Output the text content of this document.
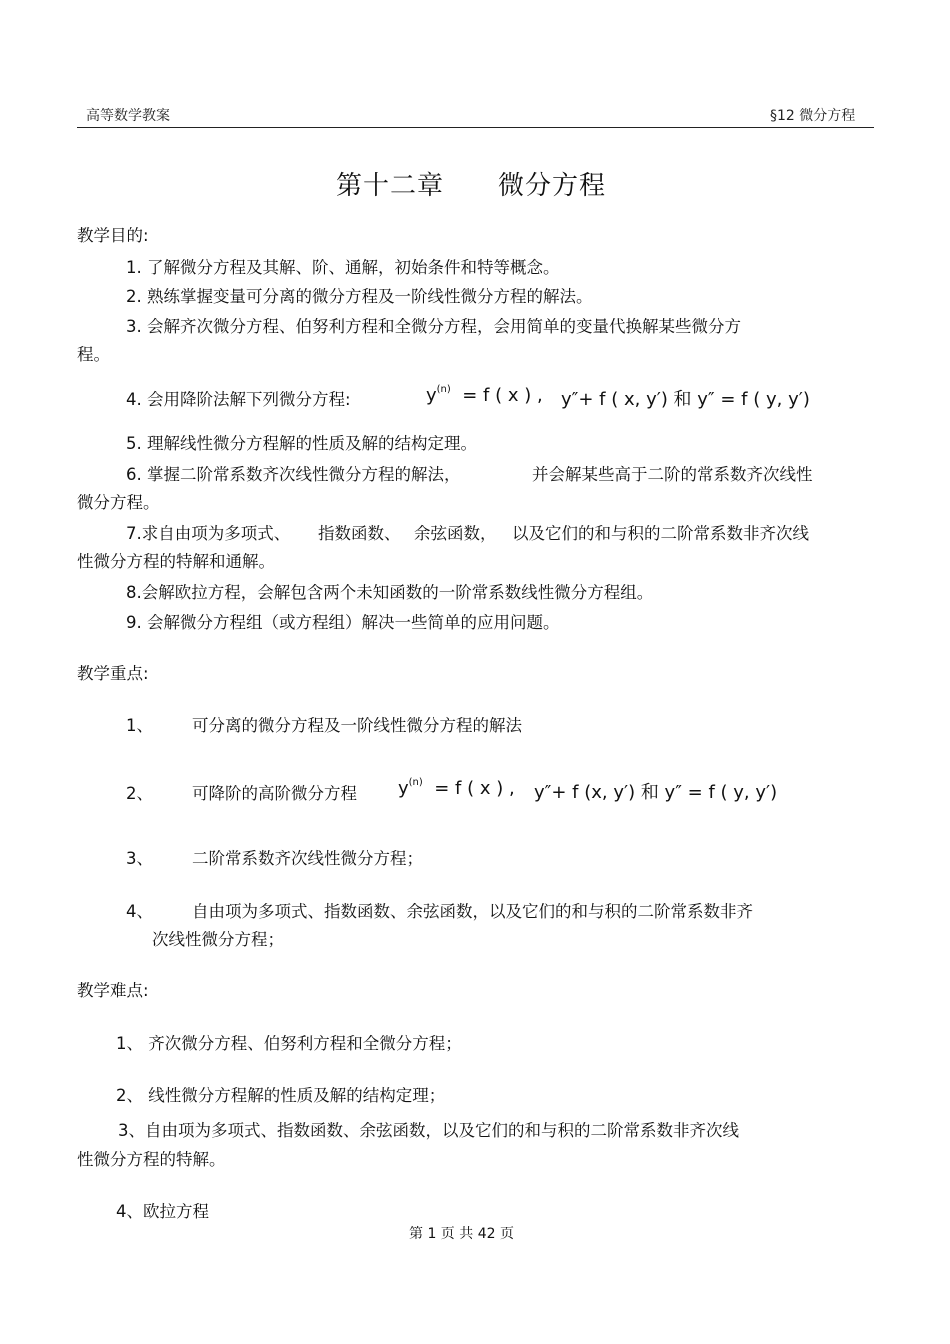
高等数学教案	§12 微分方程
第十二章 微分方程
教学目的:
1. 了解微分方程及其解、阶、通解，初始条件和特等概念。
2. 熟练掌握变量可分离的微分方程及一阶线性微分方程的解法。
3. 会解齐次微分方程、伯努利方程和全微分方程，会用简单的变量代换解某些微分方
程。
4. 会用降阶法解下列微分方程:	$y^{(n)} = f$ ( x ) , y″+ f ( x, y′) 和 y″ = f ( y, y′)
5. 理解线性微分方程解的性质及解的结构定理。
6. 掌握二阶常系数齐次线性微分方程的解法，	并会解某些高于二阶的常系数齐次线性
微分方程。
7.求自由项为多项式、 指数函数、 余弦函数， 以及它们的和与积的二阶常系数非齐次线
性微分方程的特解和通解。
8.会解欧拉方程，会解包含两个未知函数的一阶常系数线性微分方程组。
9. 会解微分方程组（或方程组）解决一些简单的应用问题。
教学重点:
1、 可分离的微分方程及一阶线性微分方程的解法
2、 可降阶的高阶微分方程 $y^{(n)} = f$ ( x ) , y″+ f (x, y′) 和 y″ = f ( y, y′)
3、 二阶常系数齐次线性微分方程；
4、 自由项为多项式、指数函数、余弦函数，以及它们的和与积的二阶常系数非齐
次线性微分方程；
教学难点:
1、 齐次微分方程、伯努利方程和全微分方程；
2、 线性微分方程解的性质及解的结构定理；
3、自由项为多项式、指数函数、余弦函数，以及它们的和与积的二阶常系数非齐次线
性微分方程的特解。
4、欧拉方程
第 1 页 共 42 页
